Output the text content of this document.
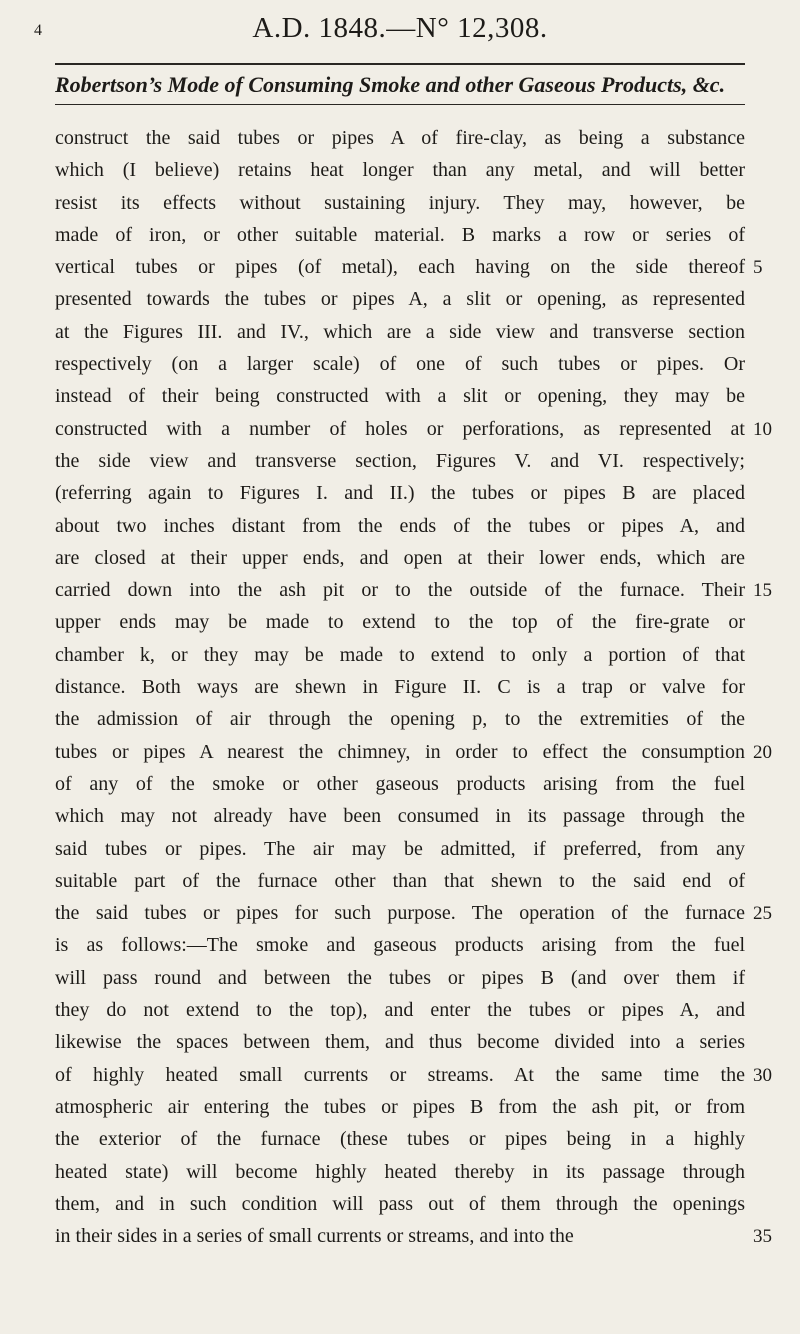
4	A.D. 1848.—N° 12,308.
Robertson’s Mode of Consuming Smoke and other Gaseous Products, &c.
construct the said tubes or pipes A of fire-clay, as being a substance
which (I believe) retains heat longer than any metal, and will better
resist its effects without sustaining injury. They may, however, be
made of iron, or other suitable material. B marks a row or series of
vertical tubes or pipes (of metal), each having on the side thereof
presented towards the tubes or pipes A, a slit or opening, as represented
at the Figures III. and IV., which are a side view and transverse section
respectively (on a larger scale) of one of such tubes or pipes. Or
instead of their being constructed with a slit or opening, they may be
constructed with a number of holes or perforations, as represented at
the side view and transverse section, Figures V. and VI. respectively;
(referring again to Figures I. and II.) the tubes or pipes B are placed
about two inches distant from the ends of the tubes or pipes A, and
are closed at their upper ends, and open at their lower ends, which are
carried down into the ash pit or to the outside of the furnace. Their
upper ends may be made to extend to the top of the fire-grate or
chamber k, or they may be made to extend to only a portion of that
distance. Both ways are shewn in Figure II. C is a trap or valve for
the admission of air through the opening p, to the extremities of the
tubes or pipes A nearest the chimney, in order to effect the consumption
of any of the smoke or other gaseous products arising from the fuel
which may not already have been consumed in its passage through the
said tubes or pipes. The air may be admitted, if preferred, from any
suitable part of the furnace other than that shewn to the said end of
the said tubes or pipes for such purpose. The operation of the furnace
is as follows:—The smoke and gaseous products arising from the fuel
will pass round and between the tubes or pipes B (and over them if
they do not extend to the top), and enter the tubes or pipes A, and
likewise the spaces between them, and thus become divided into a series
of highly heated small currents or streams. At the same time the
atmospheric air entering the tubes or pipes B from the ash pit, or from
the exterior of the furnace (these tubes or pipes being in a highly
heated state) will become highly heated thereby in its passage through
them, and in such condition will pass out of them through the openings
in their sides in a series of small currents or streams, and into the
5
10
15
20
25
30
35
